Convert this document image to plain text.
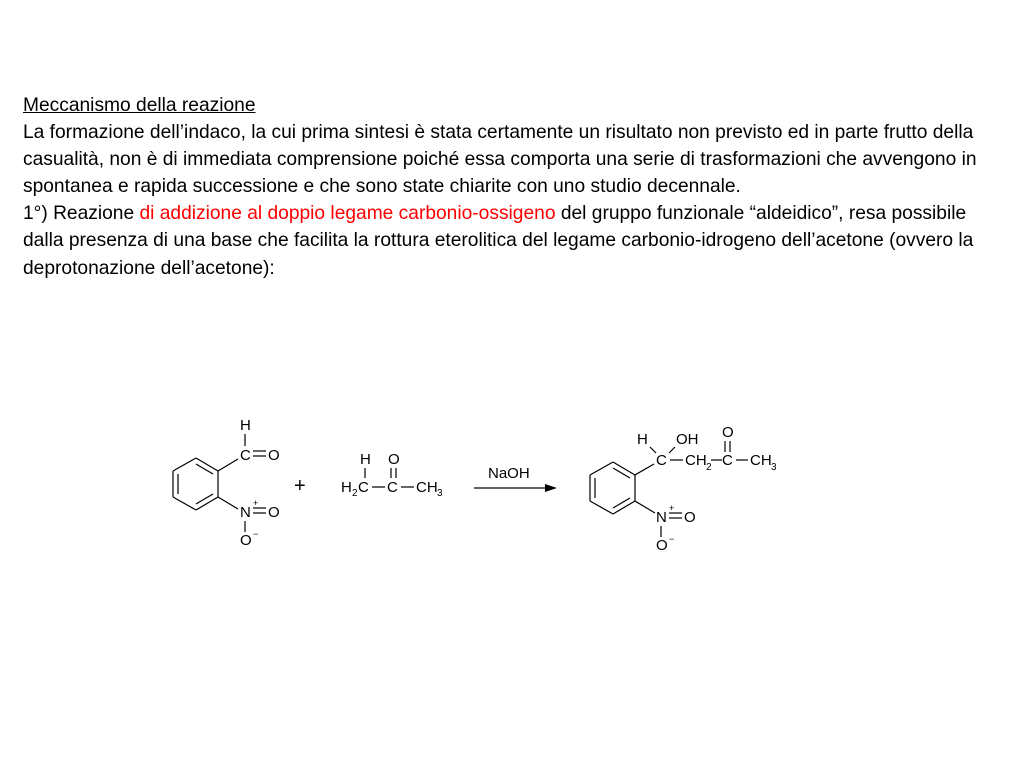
Meccanismo della reazione

La formazione dell’indaco, la cui prima sintesi è stata certamente un risultato non previsto ed in parte frutto della casualità, non è di immediata comprensione poiché essa comporta una serie di trasformazioni che avvengono in spontanea e rapida successione e che sono state chiarite con uno studio decennale.

1°) Reazione di addizione al doppio legame carbonio-ossigeno del gruppo funzionale “aldeidico”, resa possibile dalla presenza di una base che facilita la rottura eterolitica del legame carbonio-idrogeno dell’acetone (ovvero la deprotonazione dell’acetone):

H
C O
+
N O
O −
+
H O
H 2 C C CH 3
NaOH
H OH
C CH 2
O
C CH 3
+
N O
O −
